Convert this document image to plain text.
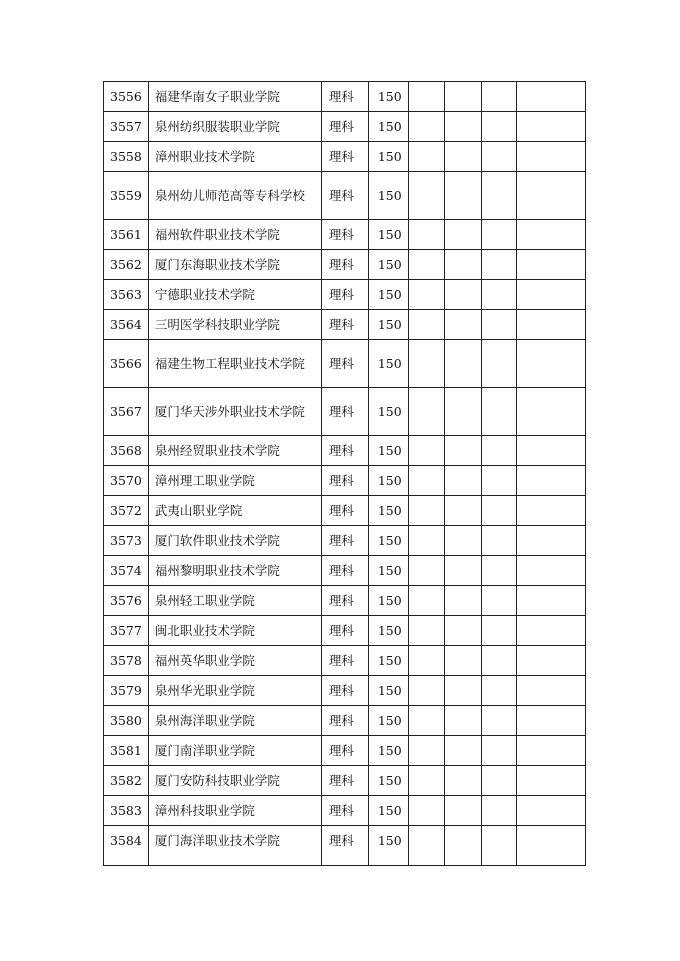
3556	福建华南女子职业学院	理科	150				
3557	泉州纺织服装职业学院	理科	150				
3558	漳州职业技术学院	理科	150				
3559	泉州幼儿师范高等专科学校	理科	150				
3561	福州软件职业技术学院	理科	150				
3562	厦门东海职业技术学院	理科	150				
3563	宁德职业技术学院	理科	150				
3564	三明医学科技职业学院	理科	150				
3566	福建生物工程职业技术学院	理科	150				
3567	厦门华天涉外职业技术学院	理科	150				
3568	泉州经贸职业技术学院	理科	150				
3570	漳州理工职业学院	理科	150				
3572	武夷山职业学院	理科	150				
3573	厦门软件职业技术学院	理科	150				
3574	福州黎明职业技术学院	理科	150				
3576	泉州轻工职业学院	理科	150				
3577	闽北职业技术学院	理科	150				
3578	福州英华职业学院	理科	150				
3579	泉州华光职业学院	理科	150				
3580	泉州海洋职业学院	理科	150				
3581	厦门南洋职业学院	理科	150				
3582	厦门安防科技职业学院	理科	150				
3583	漳州科技职业学院	理科	150				
3584	厦门海洋职业技术学院	理科	150				
